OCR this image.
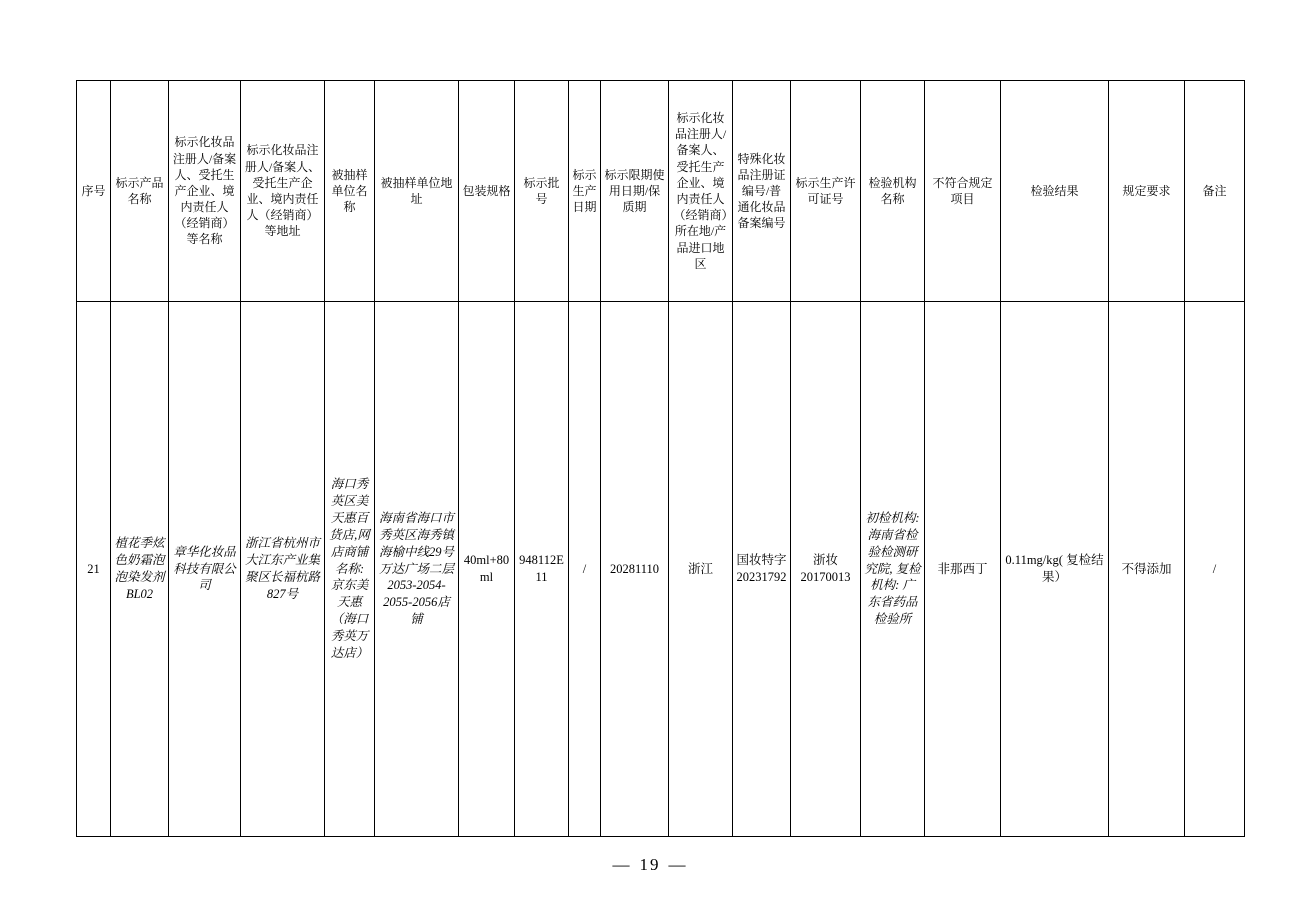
序号	标示产品名称	标示化妆品注册人/备案人、受托生产企业、境内责任人（经销商）等名称	标示化妆品注册人/备案人、受托生产企业、境内责任人（经销商）等地址	被抽样单位名称	被抽样单位地址	包装规格	标示批号	标示生产日期	标示限期使用日期/保质期	标示化妆品注册人/备案人、受托生产企业、境内责任人（经销商）所在地/产品进口地区	特殊化妆品注册证编号/普通化妆品备案编号	标示生产许可证号	检验机构名称	不符合规定项目	检验结果	规定要求	备注
21	植花季炫色奶霜泡泡染发剂BL02	章华化妆品科技有限公司	浙江省杭州市大江东产业集聚区长福杭路827号	海口秀英区美天惠百货店,网店商铺名称: 京东美天惠（海口秀英万达店）	海南省海口市秀英区海秀镇海榆中线29号万达广场二层2053-2054-2055-2056店铺	40ml+80ml	948112E11	/	20281110	浙江	国妆特字20231792	浙妆20170013	初检机构: 海南省检验检测研究院, 复检机构: 广东省药品检验所	非那西丁	0.11mg/kg( 复检结果）	不得添加	/
— 19 —
